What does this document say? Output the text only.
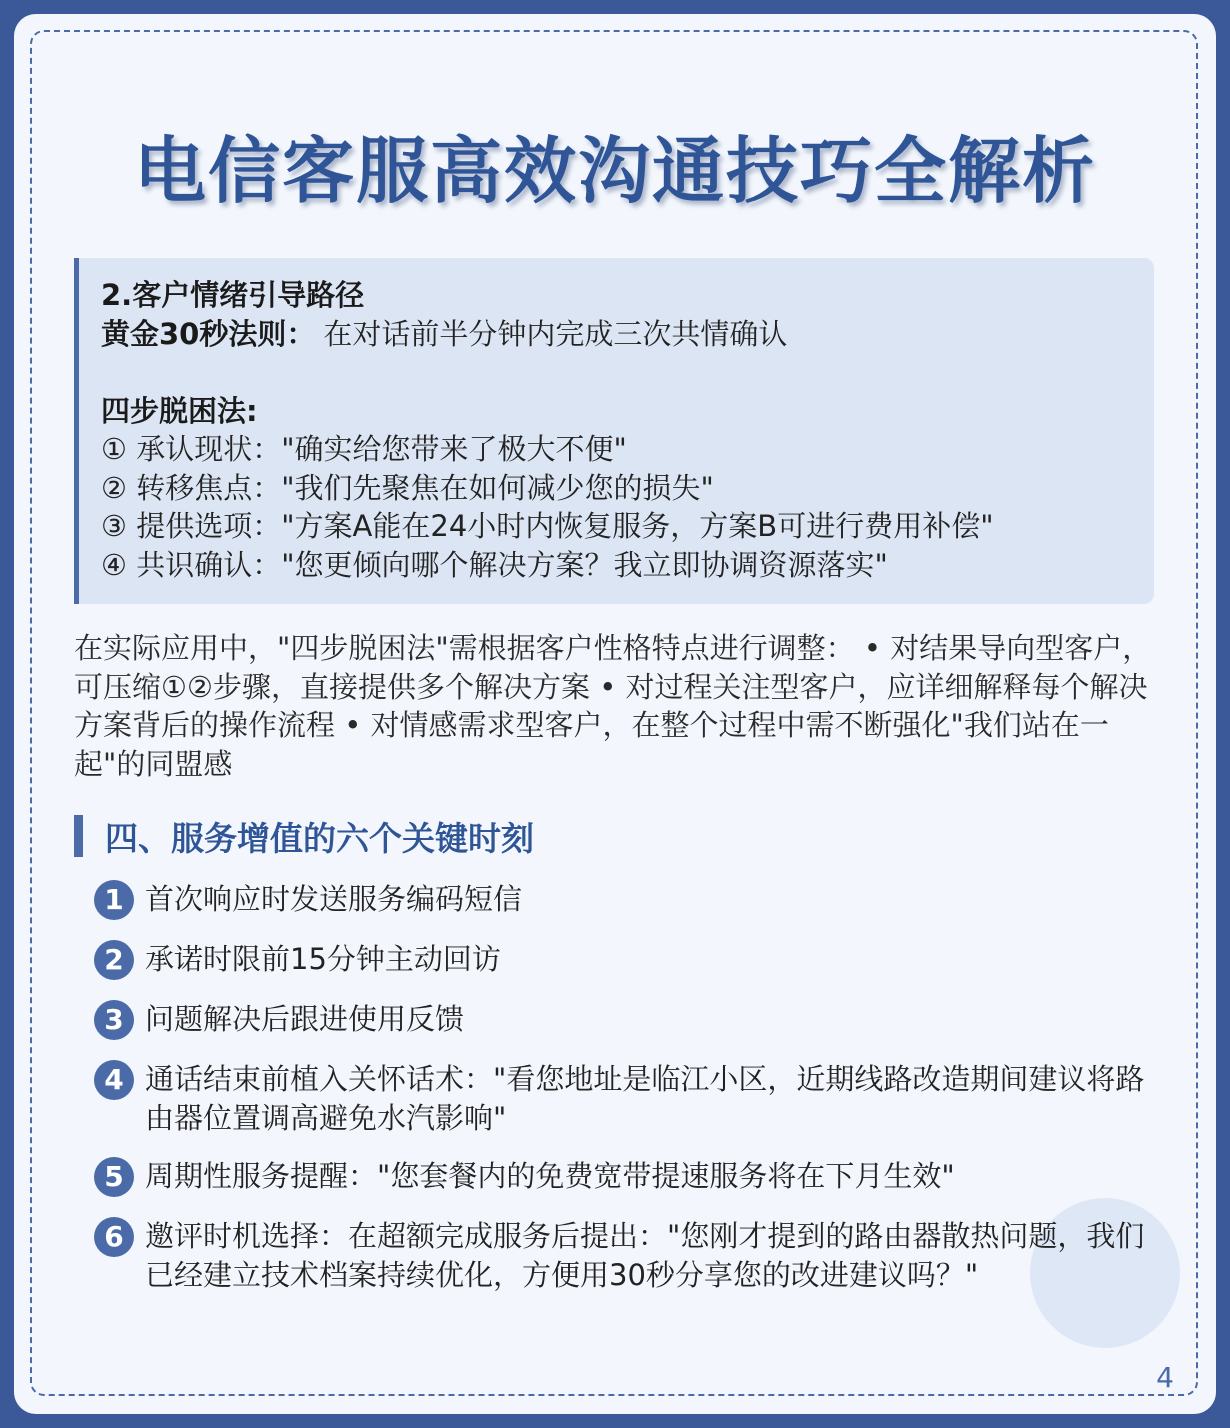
电信客服高效沟通技巧全解析
2.客户情绪引导路径
黄金30秒法则： 在对话前半分钟内完成三次共情确认
四步脱困法:
① 承认现状："确实给您带来了极大不便"
② 转移焦点："我们先聚焦在如何减少您的损失"
③ 提供选项："方案A能在24小时内恢复服务，方案B可进行费用补偿"
④ 共识确认："您更倾向哪个解决方案？我立即协调资源落实"
在实际应用中，"四步脱困法"需根据客户性格特点进行调整： • 对结果导向型客户，可压缩①②步骤，直接提供多个解决方案 • 对过程关注型客户，应详细解释每个解决方案背后的操作流程 • 对情感需求型客户，在整个过程中需不断强化"我们站在一起"的同盟感
四、服务增值的六个关键时刻
1 首次响应时发送服务编码短信
2 承诺时限前15分钟主动回访
3 问题解决后跟进使用反馈
4 通话结束前植入关怀话术："看您地址是临江小区，近期线路改造期间建议将路由器位置调高避免水汽影响"
5 周期性服务提醒："您套餐内的免费宽带提速服务将在下月生效"
6 邀评时机选择：在超额完成服务后提出："您刚才提到的路由器散热问题，我们已经建立技术档案持续优化，方便用30秒分享您的改进建议吗？"
4
